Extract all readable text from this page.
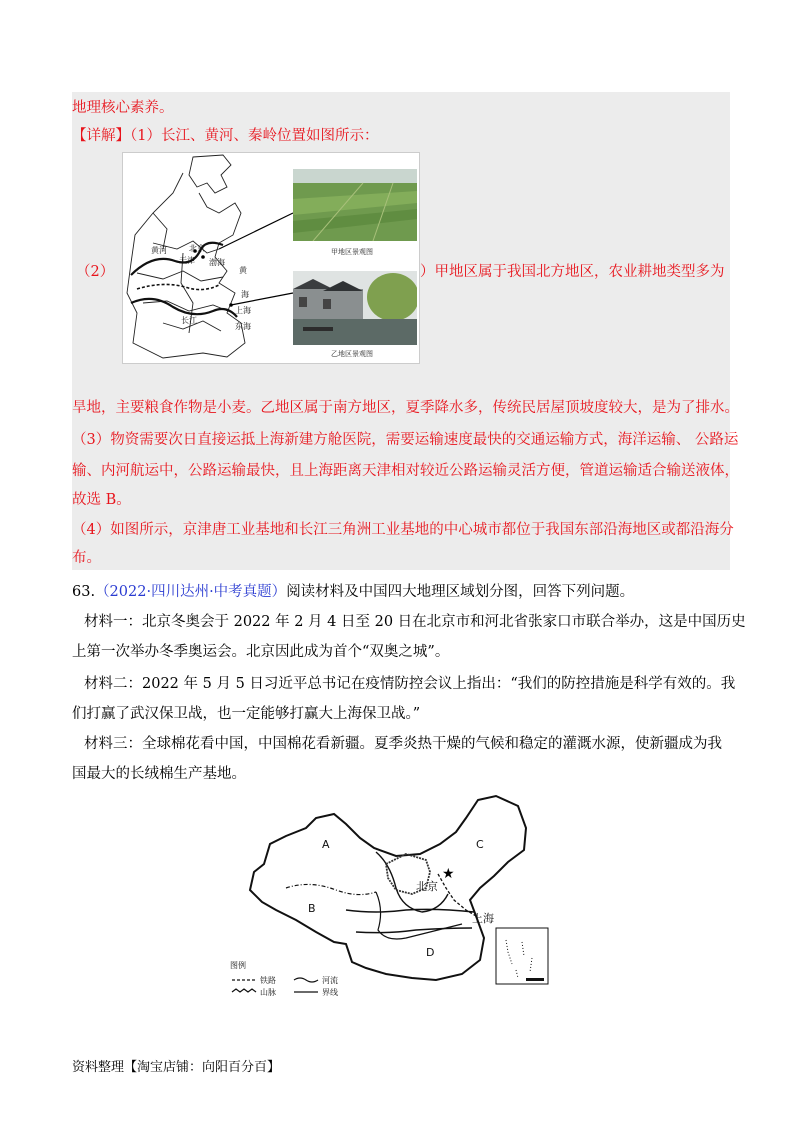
地理核心素养。
【详解】（1）长江、黄河、秦岭位置如图所示：
（2）	）甲地区属于我国北方地区，农业耕地类型多为
黄河	北京
天津 渤海
黄
海
上海
长江
东海
甲地区景观图
乙地区景观图
旱地，主要粮食作物是小麦。乙地区属于南方地区，夏季降水多，传统民居屋顶坡度较大，是为了排水。
（3）物资需要次日直接运抵上海新建方舱医院，需要运输速度最快的交通运输方式，海洋运输、 公路运
输、内河航运中，公路运输最快，且上海距离天津相对较近公路运输灵活方便，管道运输适合输送液体，
故选 B。
（4）如图所示，京津唐工业基地和长江三角洲工业基地的中心城市都位于我国东部沿海地区或都沿海分
布。
63.（2022·四川达州·中考真题）阅读材料及中国四大地理区域划分图，回答下列问题。
材料一：北京冬奥会于 2022 年 2 月 4 日至 20 日在北京市和河北省张家口市联合举办，这是中国历史
上第一次举办冬季奥运会。北京因此成为首个“双奥之城”。
材料二：2022 年 5 月 5 日习近平总书记在疫情防控会议上指出：“我们的防控措施是科学有效的。我
们打赢了武汉保卫战，也一定能够打赢大上海保卫战。”
材料三：全球棉花看中国，中国棉花看新疆。夏季炎热干燥的气候和稳定的灌溉水源，使新疆成为我
国最大的长绒棉生产基地。
★
A
B
C
D
北京
上海
图例
铁路
山脉
河流
界线
资料整理【淘宝店铺：向阳百分百】
